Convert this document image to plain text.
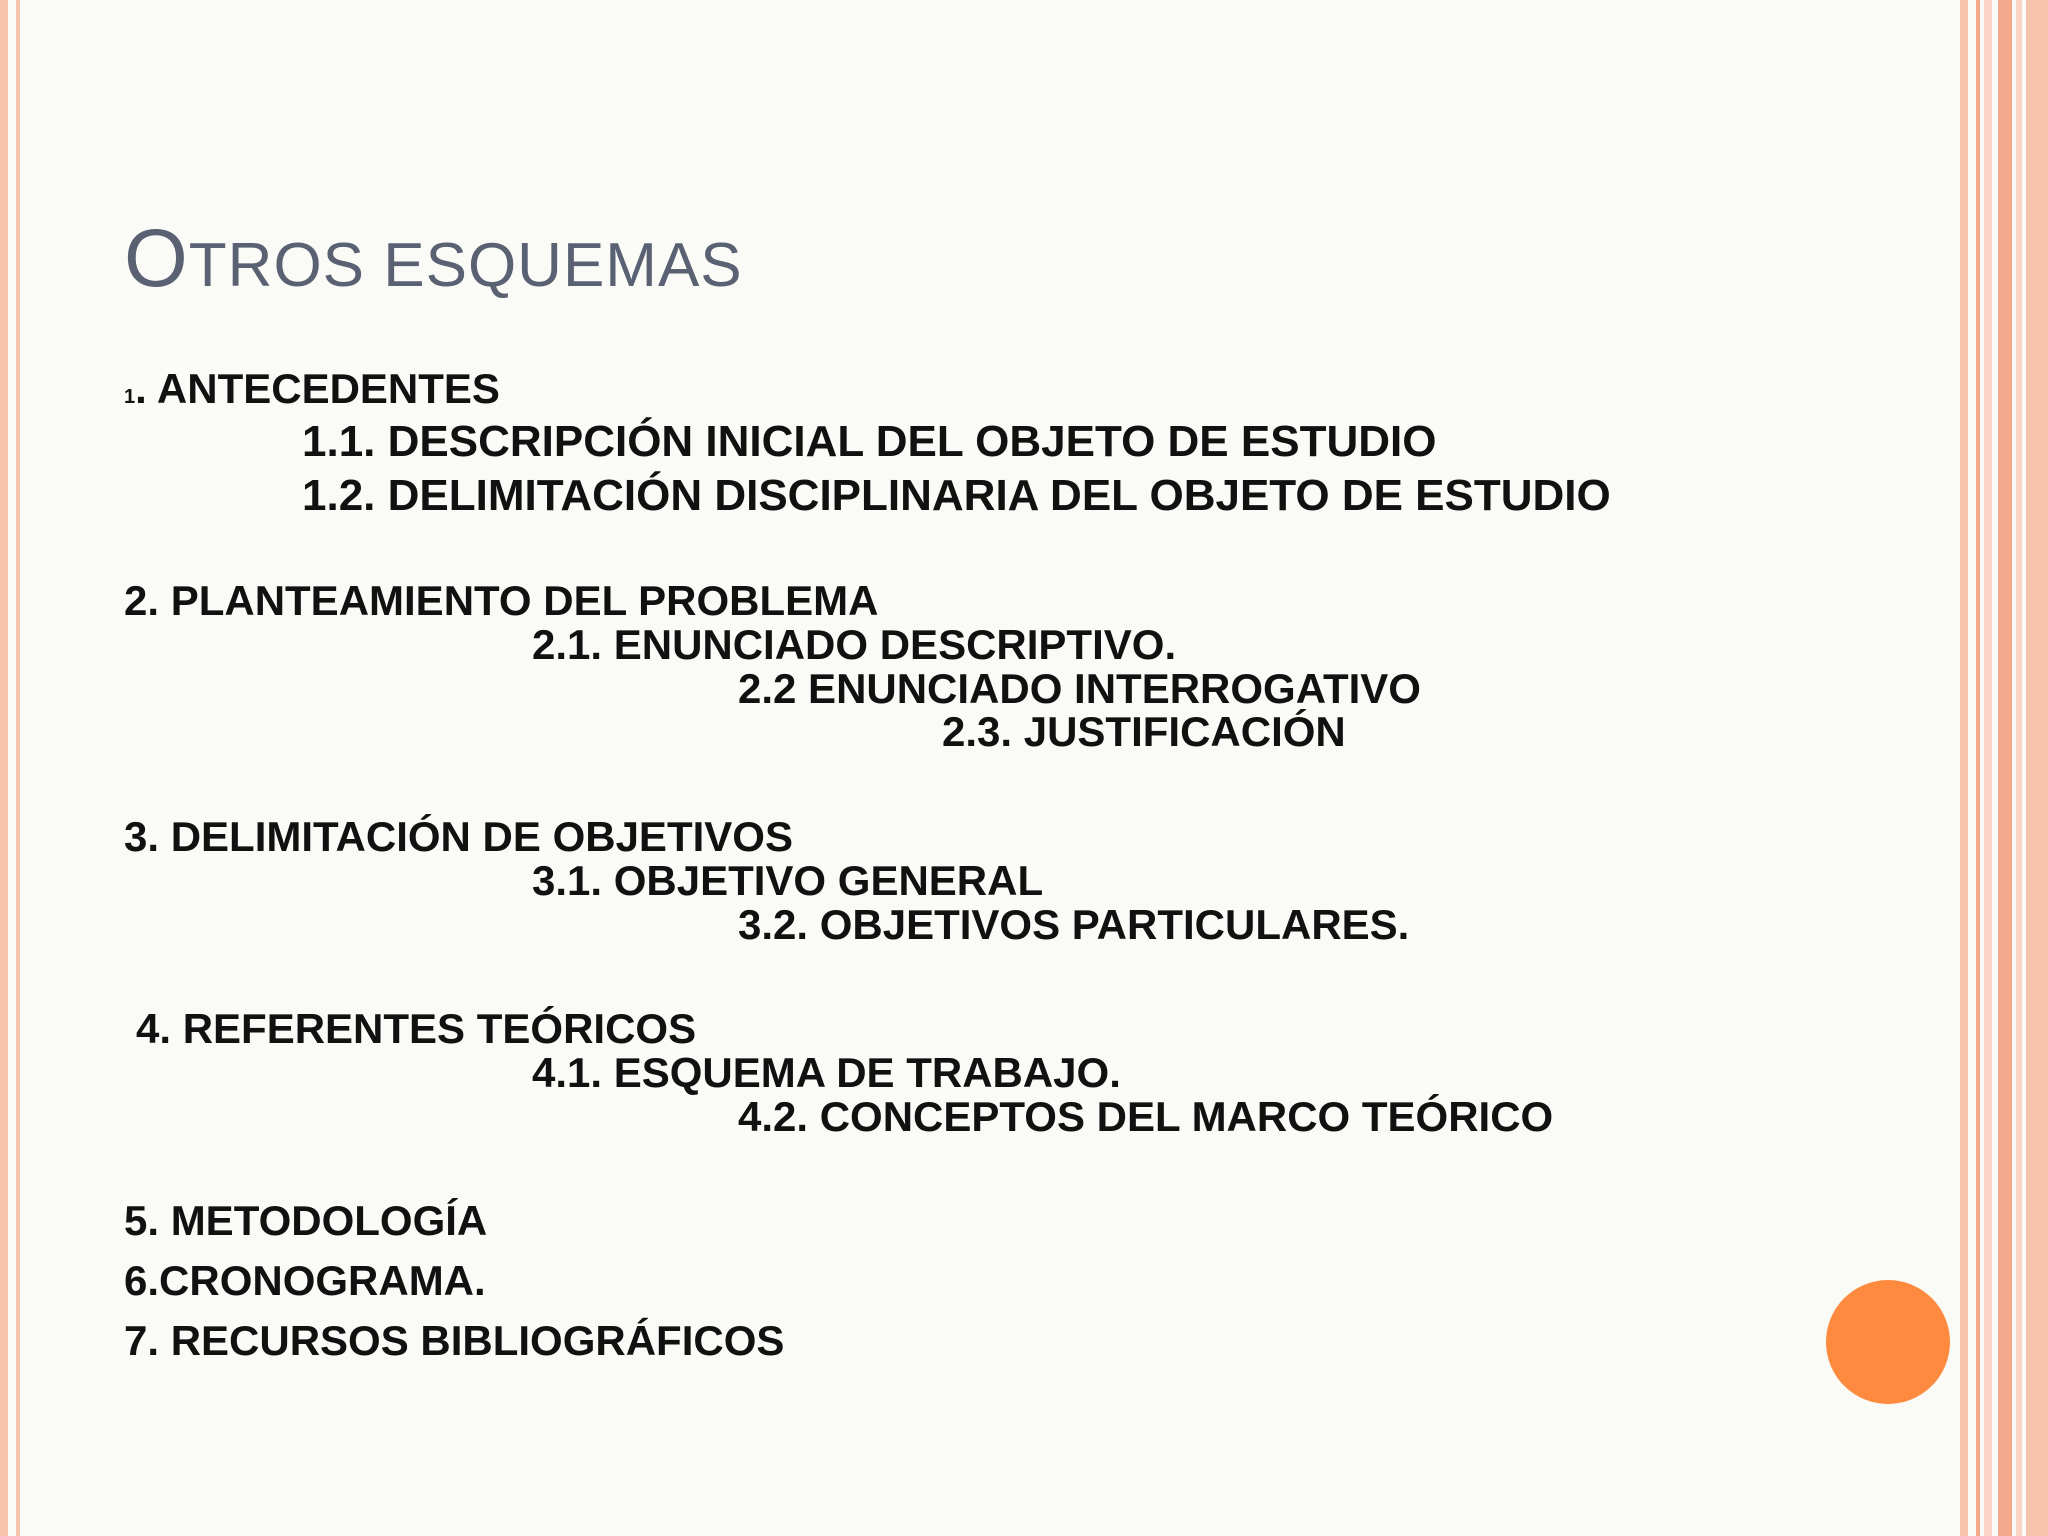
OTROS ESQUEMAS
1. ANTECEDENTES
1.1. DESCRIPCIÓN INICIAL DEL OBJETO DE ESTUDIO
1.2. DELIMITACIÓN DISCIPLINARIA DEL OBJETO DE ESTUDIO
2. PLANTEAMIENTO DEL PROBLEMA
2.1. ENUNCIADO DESCRIPTIVO.
2.2 ENUNCIADO INTERROGATIVO
2.3. JUSTIFICACIÓN
3. DELIMITACIÓN DE OBJETIVOS
3.1. OBJETIVO GENERAL
3.2. OBJETIVOS PARTICULARES.
4. REFERENTES TEÓRICOS
4.1. ESQUEMA DE TRABAJO.
4.2. CONCEPTOS DEL MARCO TEÓRICO
5. METODOLOGÍA
6.CRONOGRAMA.
7. RECURSOS BIBLIOGRÁFICOS
